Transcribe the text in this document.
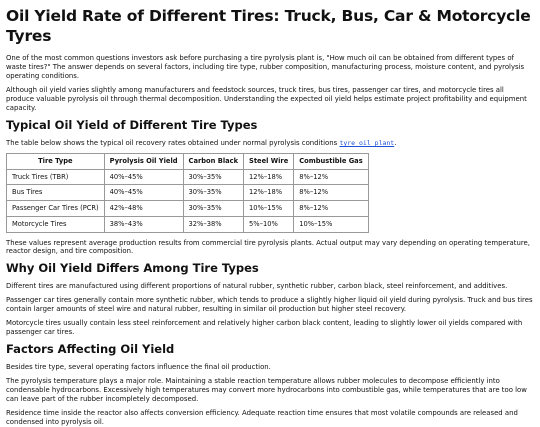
Oil Yield Rate of Different Tires: Truck, Bus, Car & Motorcycle Tyres

One of the most common questions investors ask before purchasing a tire pyrolysis plant is, "How much oil can be obtained from different types of waste tires?" The answer depends on several factors, including tire type, rubber composition, manufacturing process, moisture content, and pyrolysis operating conditions.

Although oil yield varies slightly among manufacturers and feedstock sources, truck tires, bus tires, passenger car tires, and motorcycle tires all produce valuable pyrolysis oil through thermal decomposition. Understanding the expected oil yield helps estimate project profitability and equipment capacity.

Typical Oil Yield of Different Tire Types

The table below shows the typical oil recovery rates obtained under normal pyrolysis conditions tyre oil plant.

Tire Type	Pyrolysis Oil Yield	Carbon Black	Steel Wire	Combustible Gas
Truck Tires (TBR)	40%–45%	30%–35%	12%–18%	8%–12%
Bus Tires	40%–45%	30%–35%	12%–18%	8%–12%
Passenger Car Tires (PCR)	42%–48%	30%–35%	10%–15%	8%–12%
Motorcycle Tires	38%–43%	32%–38%	5%–10%	10%–15%

These values represent average production results from commercial tire pyrolysis plants. Actual output may vary depending on operating temperature, reactor design, and tire composition.

Why Oil Yield Differs Among Tire Types

Different tires are manufactured using different proportions of natural rubber, synthetic rubber, carbon black, steel reinforcement, and additives.

Passenger car tires generally contain more synthetic rubber, which tends to produce a slightly higher liquid oil yield during pyrolysis. Truck and bus tires contain larger amounts of steel wire and natural rubber, resulting in similar oil production but higher steel recovery.

Motorcycle tires usually contain less steel reinforcement and relatively higher carbon black content, leading to slightly lower oil yields compared with passenger car tires.

Factors Affecting Oil Yield

Besides tire type, several operating factors influence the final oil production.

The pyrolysis temperature plays a major role. Maintaining a stable reaction temperature allows rubber molecules to decompose efficiently into condensable hydrocarbons. Excessively high temperatures may convert more hydrocarbons into combustible gas, while temperatures that are too low can leave part of the rubber incompletely decomposed.

Residence time inside the reactor also affects conversion efficiency. Adequate reaction time ensures that most volatile compounds are released and condensed into pyrolysis oil.
